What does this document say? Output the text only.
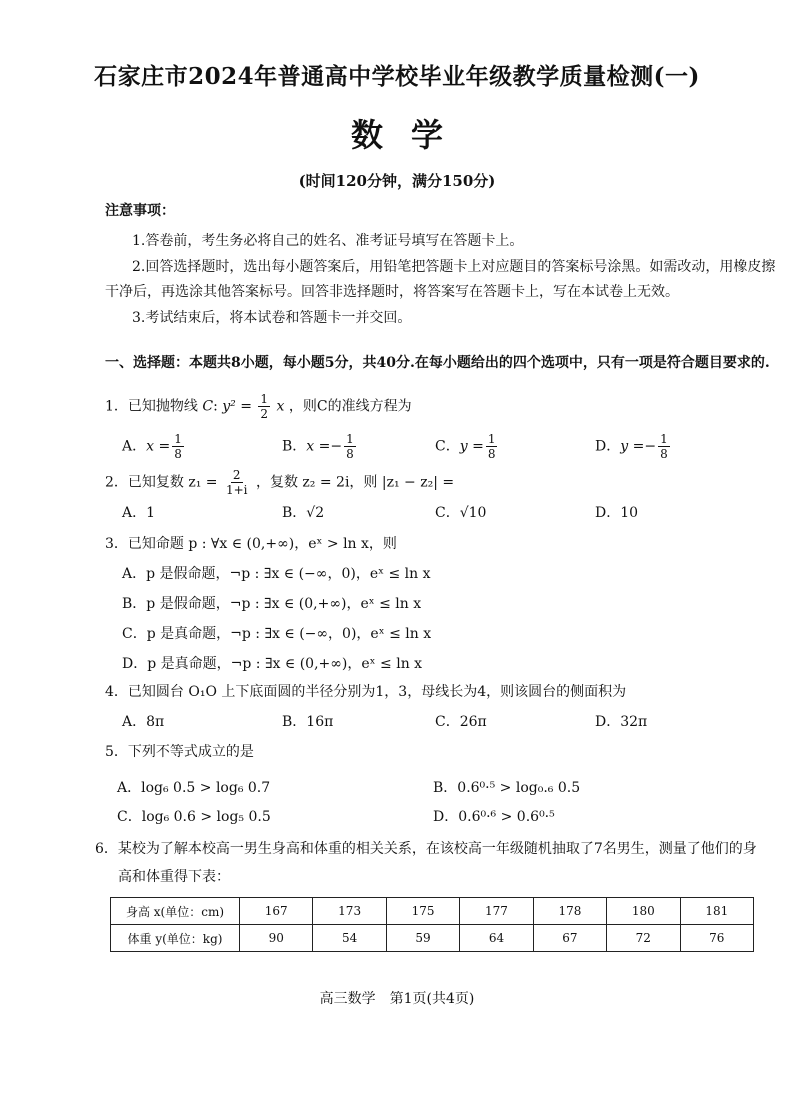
石家庄市2024年普通高中学校毕业年级教学质量检测(一)
数学
(时间120分钟，满分150分)
注意事项：
1.答卷前，考生务必将自己的姓名、准考证号填写在答题卡上。
2.回答选择题时，选出每小题答案后，用铅笔把答题卡上对应题目的答案标号涂黑。如需改动，用橡皮擦
干净后，再选涂其他答案标号。回答非选择题时，将答案写在答题卡上，写在本试卷上无效。
3.考试结束后，将本试卷和答题卡一并交回。
一、选择题：本题共8小题，每小题5分，共40分.在每小题给出的四个选项中，只有一项是符合题目要求的.
1．已知抛物线 C: $y^2 = \frac{1}{2}$ x ，则C的准线方程为
A．$x = \frac{1}{8}$	B．$x =- \frac{1}{8}$	C．$y = \frac{1}{8}$	D．$y =- \frac{1}{8}$
2．已知复数 $z_1 = \frac{2}{1+i}$ ，复数 z₂ = 2i，则 |z₁ − z₂| =
A．1	B．√2	C．√10	D．10
3．已知命题 p : ∀x ∈ (0,+∞)，eˣ > ln x，则
A．p 是假命题，¬p : ∃x ∈ (−∞，0)，eˣ ≤ ln x
B．p 是假命题，¬p : ∃x ∈ (0,+∞)，eˣ ≤ ln x
C．p 是真命题，¬p : ∃x ∈ (−∞，0)，eˣ ≤ ln x
D．p 是真命题，¬p : ∃x ∈ (0,+∞)，eˣ ≤ ln x
4．已知圆台 O₁O 上下底面圆的半径分别为1，3，母线长为4，则该圆台的侧面积为
A．8π	B．16π	C．26π	D．32π
5．下列不等式成立的是
A．log₆ 0.5 > log₆ 0.7	B．0.6⁰·⁵ > log₀.₆ 0.5
C．log₆ 0.6 > log₅ 0.5	D．0.6⁰·⁶ > 0.6⁰·⁵
6．某校为了解本校高一男生身高和体重的相关关系，在该校高一年级随机抽取了7名男生，测量了他们的身
高和体重得下表：
身高 x(单位：cm)	167	173	175	177	178	180	181
体重 y(单位：kg)	90	54	59	64	67	72	76
高三数学　第1页(共4页)
